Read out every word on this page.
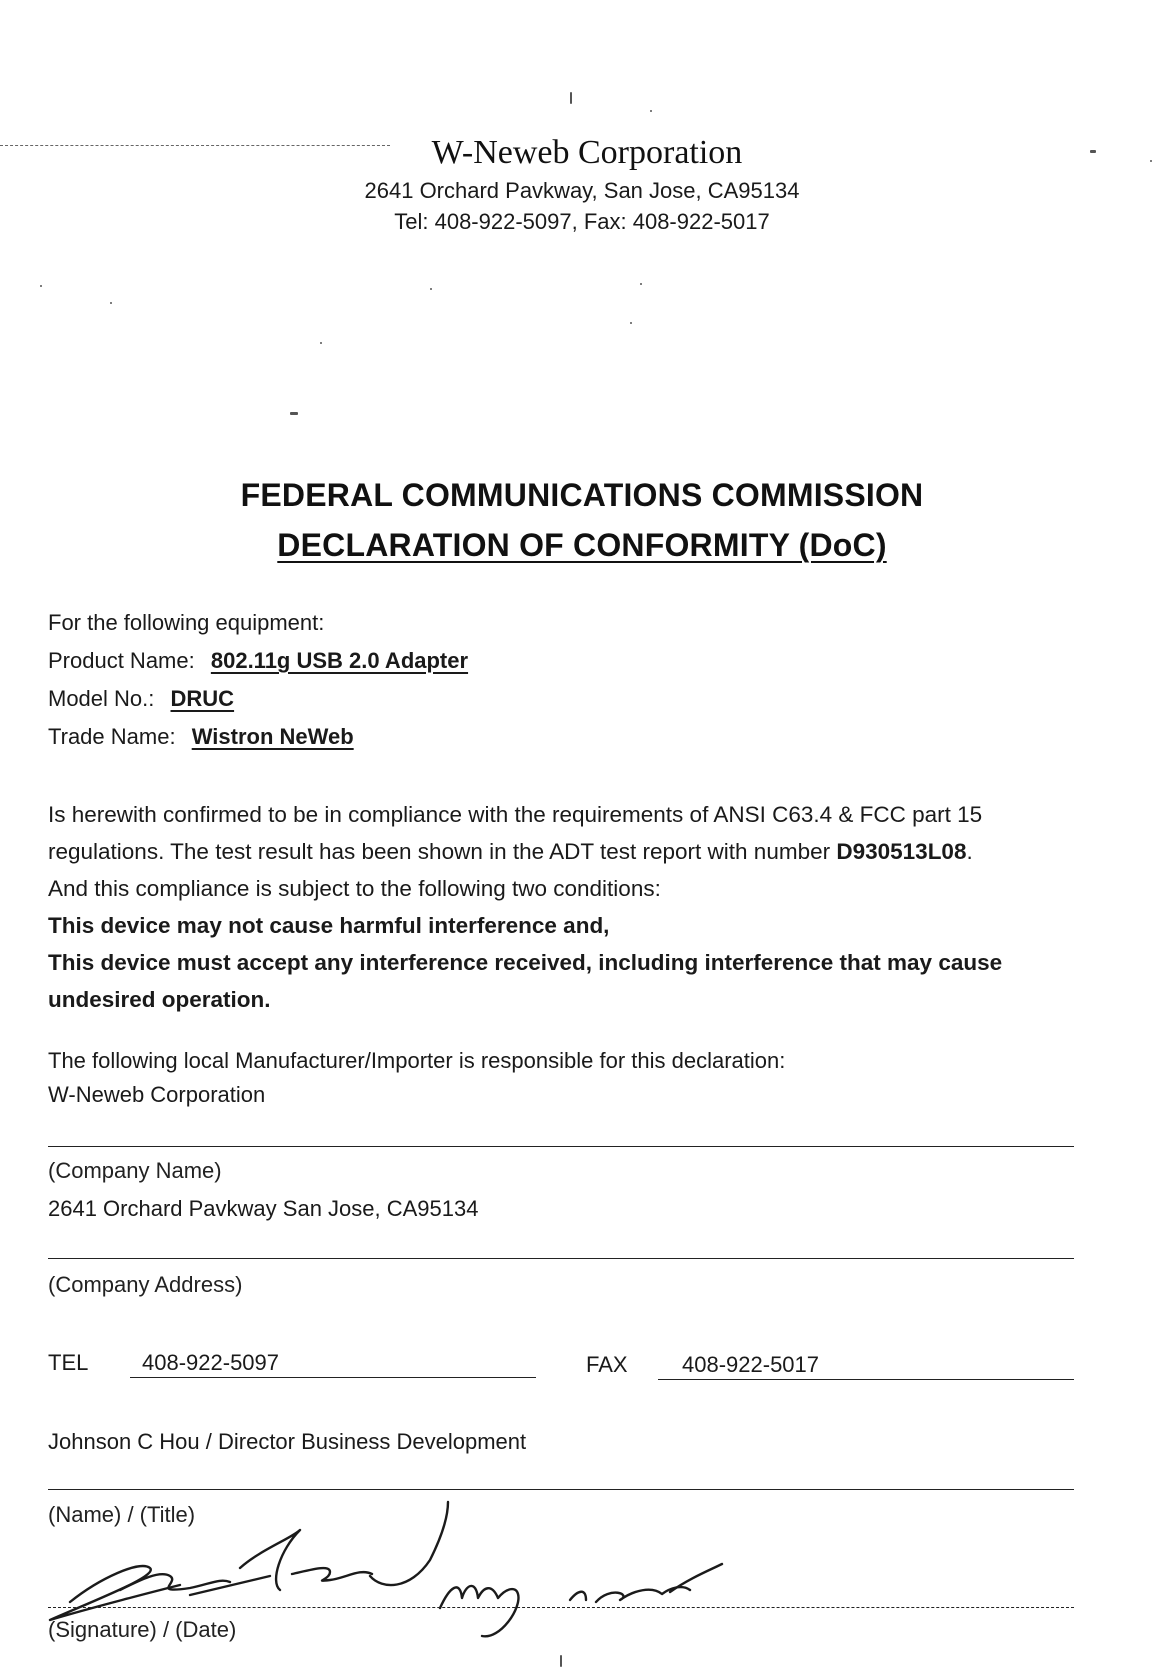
W-Neweb Corporation
2641 Orchard Pavkway, San Jose, CA95134
Tel: 408-922-5097, Fax: 408-922-5017
FEDERAL COMMUNICATIONS COMMISSION
DECLARATION OF CONFORMITY (DoC)
For the following equipment:
Product Name: 802.11g USB 2.0 Adapter
Model No.: DRUC
Trade Name: Wistron NeWeb
Is herewith confirmed to be in compliance with the requirements of ANSI C63.4 & FCC part 15
regulations. The test result has been shown in the ADT test report with number D930513L08.
And this compliance is subject to the following two conditions:
This device may not cause harmful interference and,
This device must accept any interference received, including interference that may cause
undesired operation.
The following local Manufacturer/Importer is responsible for this declaration:
W-Neweb Corporation
(Company Name)
2641 Orchard Pavkway San Jose, CA95134
(Company Address)
TEL 408-922-5097	FAX 408-922-5017
Johnson C Hou / Director Business Development
(Name) / (Title)
(Signature) / (Date)
